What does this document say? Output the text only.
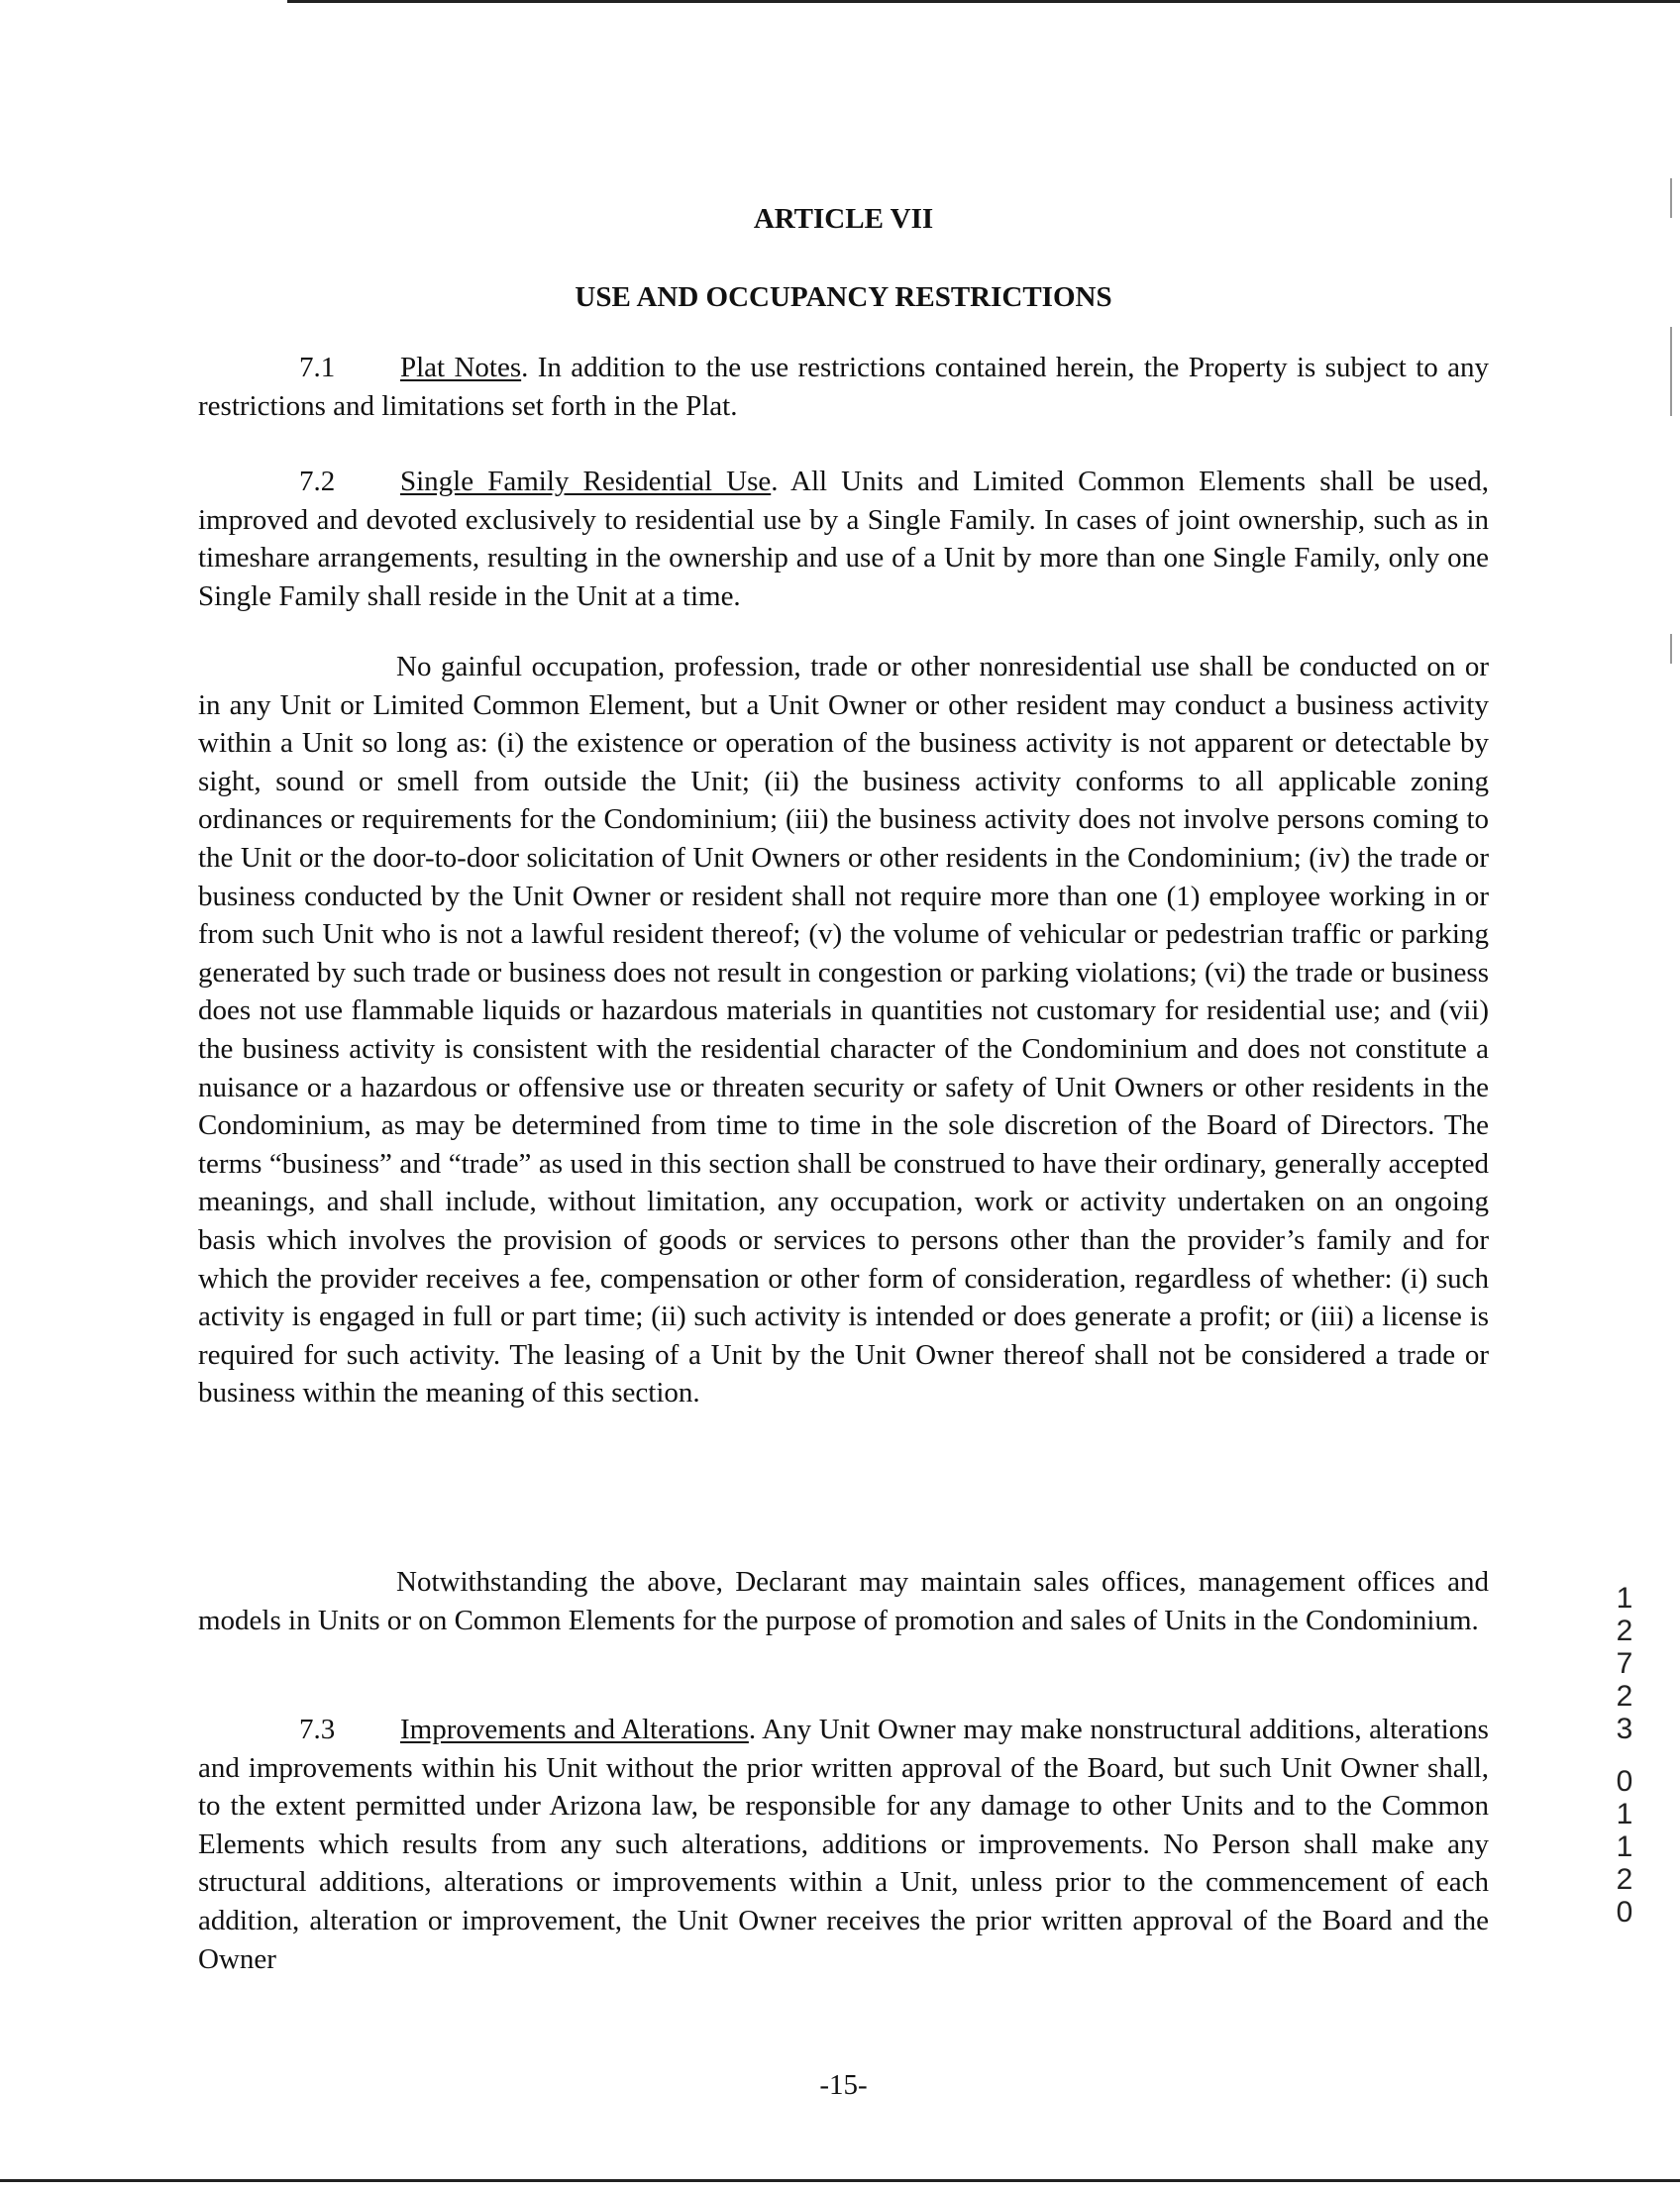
ARTICLE VII
USE AND OCCUPANCY RESTRICTIONS

7.1 Plat Notes. In addition to the use restrictions contained herein, the Property is subject to any restrictions and limitations set forth in the Plat.

7.2 Single Family Residential Use. All Units and Limited Common Elements shall be used, improved and devoted exclusively to residential use by a Single Family. In cases of joint ownership, such as in timeshare arrangements, resulting in the ownership and use of a Unit by more than one Single Family, only one Single Family shall reside in the Unit at a time.

No gainful occupation, profession, trade or other nonresidential use shall be conducted on or in any Unit or Limited Common Element, but a Unit Owner or other resident may conduct a business activity within a Unit so long as: (i) the existence or operation of the business activity is not apparent or detectable by sight, sound or smell from outside the Unit; (ii) the business activity conforms to all applicable zoning ordinances or requirements for the Condominium; (iii) the business activity does not involve persons coming to the Unit or the door-to-door solicitation of Unit Owners or other residents in the Condominium; (iv) the trade or business conducted by the Unit Owner or resident shall not require more than one (1) employee working in or from such Unit who is not a lawful resident thereof; (v) the volume of vehicular or pedestrian traffic or parking generated by such trade or business does not result in congestion or parking violations; (vi) the trade or business does not use flammable liquids or hazardous materials in quantities not customary for residential use; and (vii) the business activity is consistent with the residential character of the Condominium and does not constitute a nuisance or a hazardous or offensive use or threaten security or safety of Unit Owners or other residents in the Condominium, as may be determined from time to time in the sole discretion of the Board of Directors. The terms “business” and “trade” as used in this section shall be construed to have their ordinary, generally accepted meanings, and shall include, without limitation, any occupation, work or activity undertaken on an ongoing basis which involves the provision of goods or services to persons other than the provider’s family and for which the provider receives a fee, compensation or other form of consideration, regardless of whether: (i) such activity is engaged in full or part time; (ii) such activity is intended or does generate a profit; or (iii) a license is required for such activity. The leasing of a Unit by the Unit Owner thereof shall not be considered a trade or business within the meaning of this section.

Notwithstanding the above, Declarant may maintain sales offices, management offices and models in Units or on Common Elements for the purpose of promotion and sales of Units in the Condominium.

7.3 Improvements and Alterations. Any Unit Owner may make nonstructural additions, alterations and improvements within his Unit without the prior written approval of the Board, but such Unit Owner shall, to the extent permitted under Arizona law, be responsible for any damage to other Units and to the Common Elements which results from any such alterations, additions or improvements. No Person shall make any structural additions, alterations or improvements within a Unit, unless prior to the commencement of each addition, alteration or improvement, the Unit Owner receives the prior written approval of the Board and the Owner

1
2
7
2
3
0
1
1
2
0

-15-
